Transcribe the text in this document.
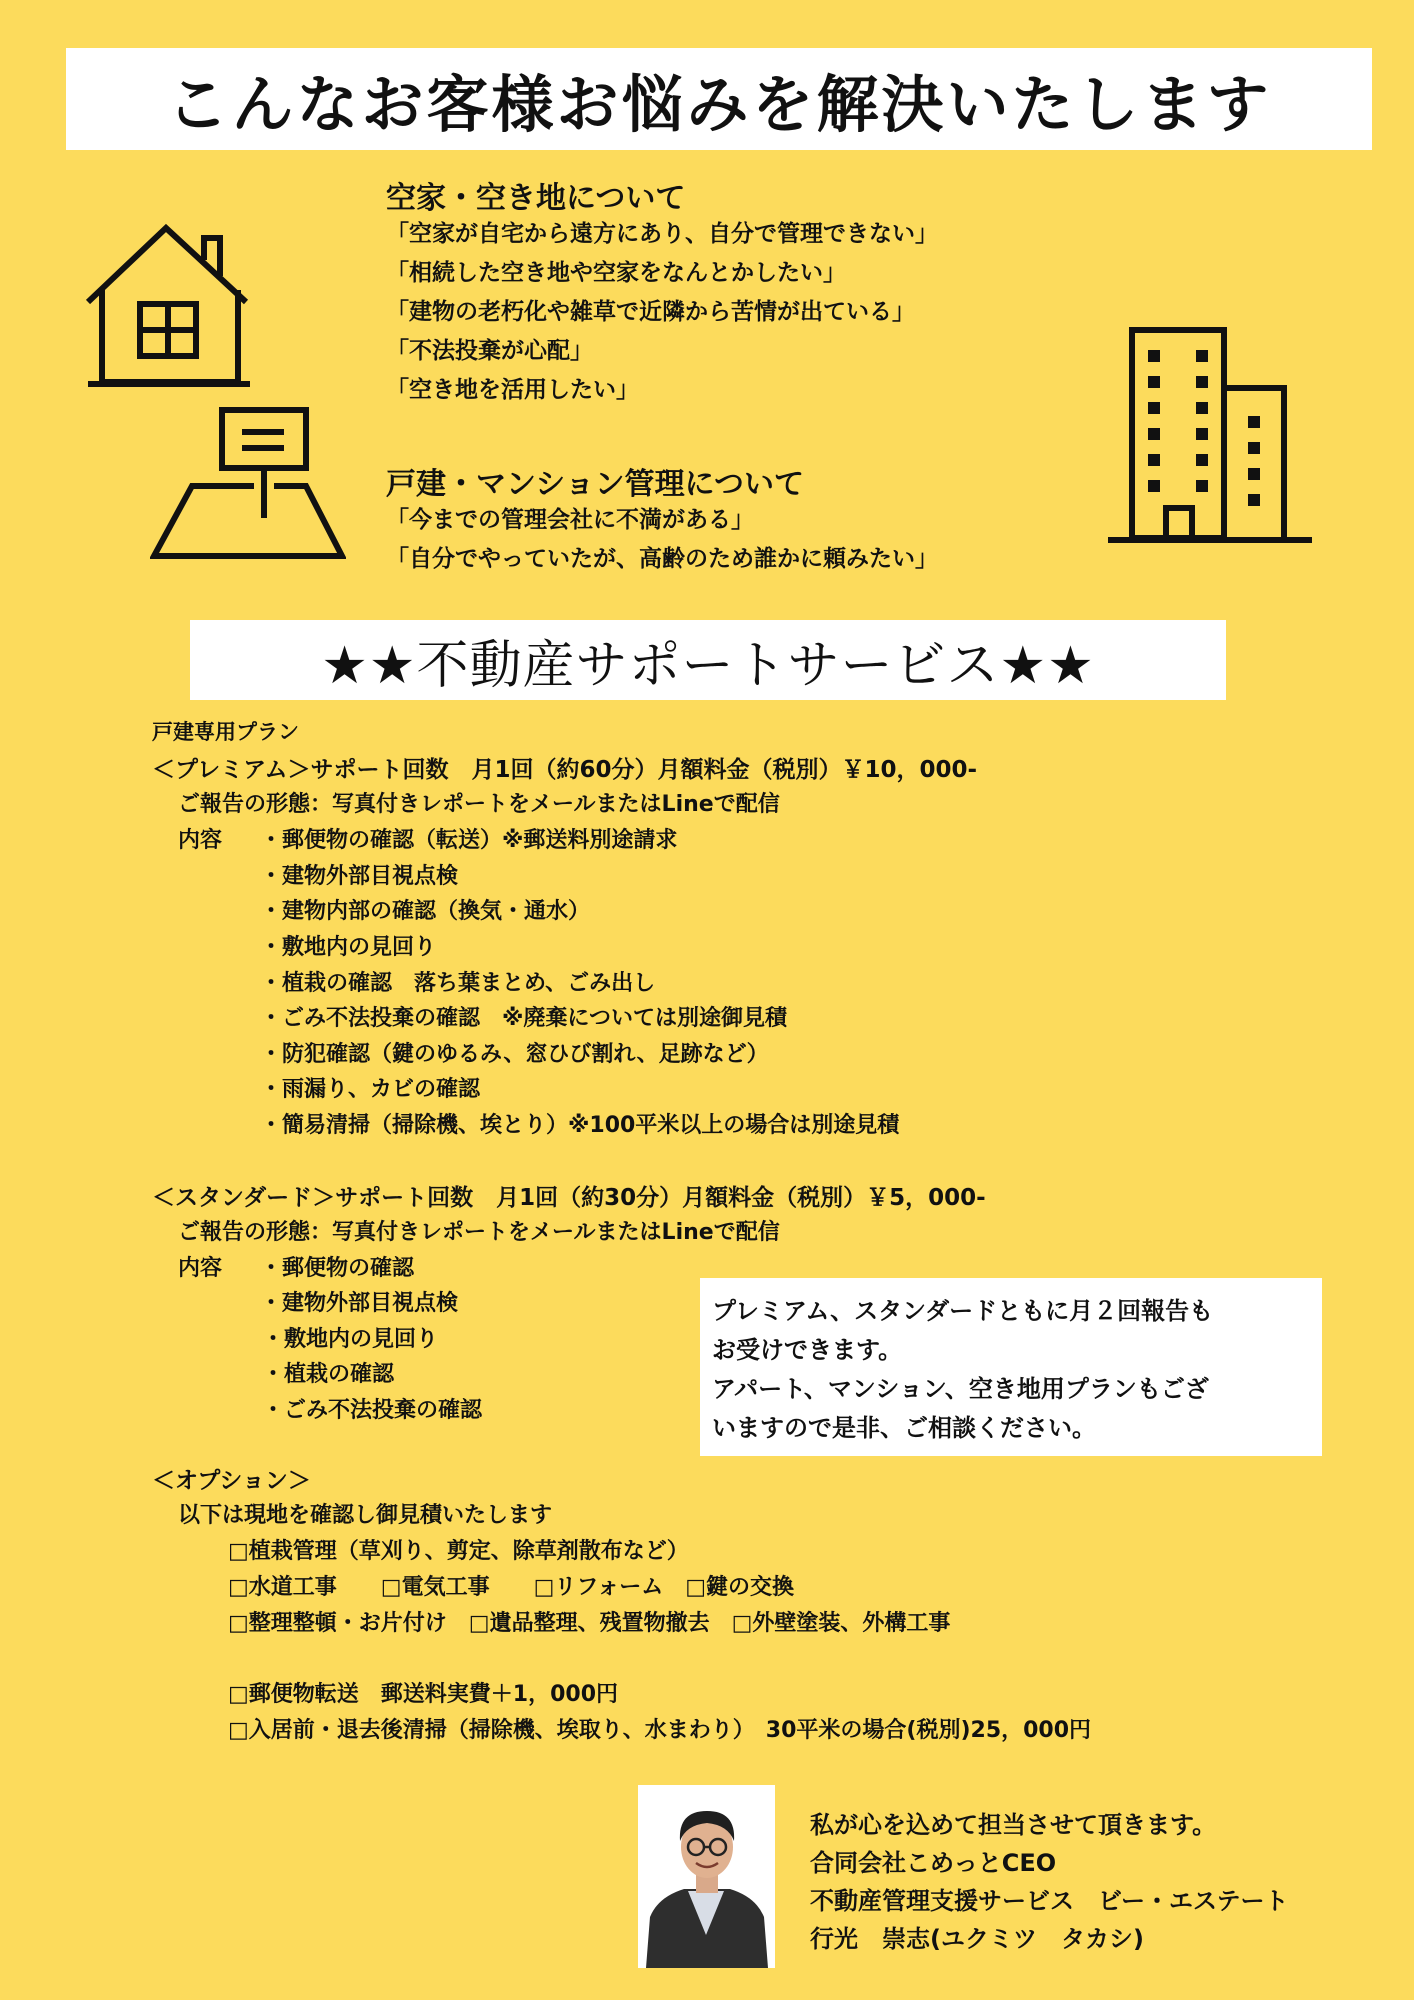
こんなお客様お悩みを解決いたします
空家・空き地について
「空家が自宅から遠方にあり、自分で管理できない」
「相続した空き地や空家をなんとかしたい」
「建物の老朽化や雑草で近隣から苦情が出ている」
「不法投棄が心配」
「空き地を活用したい」
戸建・マンション管理について
「今までの管理会社に不満がある」
「自分でやっていたが、高齢のため誰かに頼みたい」
★★不動産サポートサービス★★
戸建専用プラン
＜プレミアム＞サポート回数　月1回（約60分）月額料金（税別）￥10，000-
ご報告の形態：写真付きレポートをメールまたはLineで配信
内容 ・郵便物の確認（転送）※郵送料別途請求
・建物外部目視点検
・建物内部の確認（換気・通水）
・敷地内の見回り
・植栽の確認　落ち葉まとめ、ごみ出し
・ごみ不法投棄の確認　※廃棄については別途御見積
・防犯確認（鍵のゆるみ、窓ひび割れ、足跡など）
・雨漏り、カビの確認
・簡易清掃（掃除機、埃とり）※100平米以上の場合は別途見積
＜スタンダード＞サポート回数　月1回（約30分）月額料金（税別）￥5，000-
ご報告の形態：写真付きレポートをメールまたはLineで配信
内容 ・郵便物の確認
・建物外部目視点検
・敷地内の見回り
・植栽の確認
・ごみ不法投棄の確認
＜オプション＞
以下は現地を確認し御見積いたします
□植栽管理（草刈り、剪定、除草剤散布など）
□水道工事　　□電気工事　　□リフォーム　□鍵の交換
□整理整頓・お片付け　□遺品整理、残置物撤去　□外壁塗装、外構工事
□郵便物転送　郵送料実費＋1，000円
□入居前・退去後清掃（掃除機、埃取り、水まわり）　30平米の場合(税別)25，000円
プレミアム、スタンダードともに月２回報告も
お受けできます。
アパート、マンション、空き地用プランもござ
いますので是非、ご相談ください。
私が心を込めて担当させて頂きます。
合同会社こめっとCEO
不動産管理支援サービス　ビー・エステート
行光　崇志(ユクミツ　タカシ)
